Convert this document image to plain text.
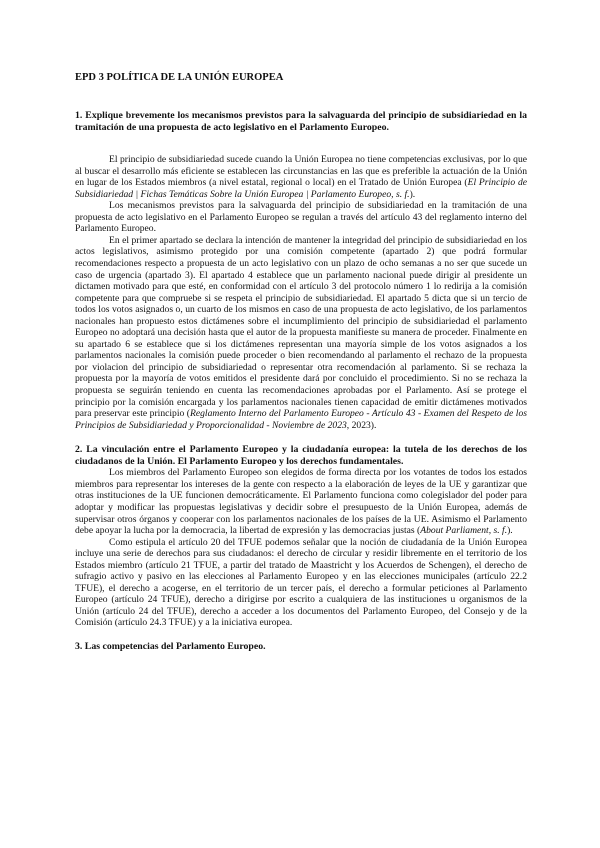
EPD 3 POLÍTICA DE LA UNIÓN EUROPEA
1. Explique brevemente los mecanismos previstos para la salvaguarda del principio de subsidiariedad en la tramitación de una propuesta de acto legislativo en el Parlamento Europeo.

El principio de subsidiariedad sucede cuando la Unión Europea no tiene competencias exclusivas, por lo que al buscar el desarrollo más eficiente se establecen las circunstancias en las que es preferible la actuación de la Unión en lugar de los Estados miembros (a nivel estatal, regional o local) en el Tratado de Unión Europea (El Principio de Subsidiariedad | Fichas Temáticas Sobre la Unión Europea | Parlamento Europeo, s. f.).

Los mecanismos previstos para la salvaguarda del principio de subsidiariedad en la tramitación de una propuesta de acto legislativo en el Parlamento Europeo se regulan a través del artículo 43 del reglamento interno del Parlamento Europeo.

En el primer apartado se declara la intención de mantener la integridad del principio de subsidiariedad en los actos legislativos, asimismo protegido por una comisión competente (apartado 2) que podrá formular recomendaciones respecto a propuesta de un acto legislativo con un plazo de ocho semanas a no ser que sucede un caso de urgencia (apartado 3). El apartado 4 establece que un parlamento nacional puede dirigir al presidente un dictamen motivado para que esté, en conformidad con el artículo 3 del protocolo número 1 lo redirija a la comisión competente para que compruebe si se respeta el principio de subsidiariedad. El apartado 5 dicta que si un tercio de todos los votos asignados o, un cuarto de los mismos en caso de una propuesta de acto legislativo, de los parlamentos nacionales han propuesto estos dictámenes sobre el incumplimiento del principio de subsidiariedad el parlamento Europeo no adoptará una decisión hasta que el autor de la propuesta manifieste su manera de proceder. Finalmente en su apartado 6 se establece que si los dictámenes representan una mayoría simple de los votos asignados a los parlamentos nacionales la comisión puede proceder o bien recomendando al parlamento el rechazo de la propuesta por violacion del principio de subsidiariedad o representar otra recomendación al parlamento. Si se rechaza la propuesta por la mayoría de votos emitidos el presidente dará por concluido el procedimiento. Si no se rechaza la propuesta se seguirán teniendo en cuenta las recomendaciones aprobadas por el Parlamento. Así se protege el principio por la comisión encargada y los parlamentos nacionales tienen capacidad de emitir dictámenes motivados para preservar este principio (Reglamento Interno del Parlamento Europeo - Artículo 43 - Examen del Respeto de los Principios de Subsidiariedad y Proporcionalidad - Noviembre de 2023, 2023).

2. La vinculación entre el Parlamento Europeo y la ciudadanía europea: la tutela de los derechos de los ciudadanos de la Unión. El Parlamento Europeo y los derechos fundamentales.

Los miembros del Parlamento Europeo son elegidos de forma directa por los votantes de todos los estados miembros para representar los intereses de la gente con respecto a la elaboración de leyes de la UE y garantizar que otras instituciones de la UE funcionen democráticamente. El Parlamento funciona como colegislador del poder para adoptar y modificar las propuestas legislativas y decidir sobre el presupuesto de la Unión Europea, además de supervisar otros órganos y cooperar con los parlamentos nacionales de los países de la UE. Asimismo el Parlamento debe apoyar la lucha por la democracia, la libertad de expresión y las democracias justas (About Parliament, s. f.).

Como estipula el artículo 20 del TFUE podemos señalar que la noción de ciudadanía de la Unión Europea incluye una serie de derechos para sus ciudadanos: el derecho de circular y residir libremente en el territorio de los Estados miembro (artículo 21 TFUE, a partir del tratado de Maastricht y los Acuerdos de Schengen), el derecho de sufragio activo y pasivo en las elecciones al Parlamento Europeo y en las elecciones municipales (artículo 22.2 TFUE), el derecho a acogerse, en el territorio de un tercer país, el derecho a formular peticiones al Parlamento Europeo (artículo 24 TFUE), derecho a dirigirse por escrito a cualquiera de las instituciones u organismos de la Unión (artículo 24 del TFUE), derecho a acceder a los documentos del Parlamento Europeo, del Consejo y de la Comisión (artículo 24.3 TFUE) y a la iniciativa europea.

3. Las competencias del Parlamento Europeo.
